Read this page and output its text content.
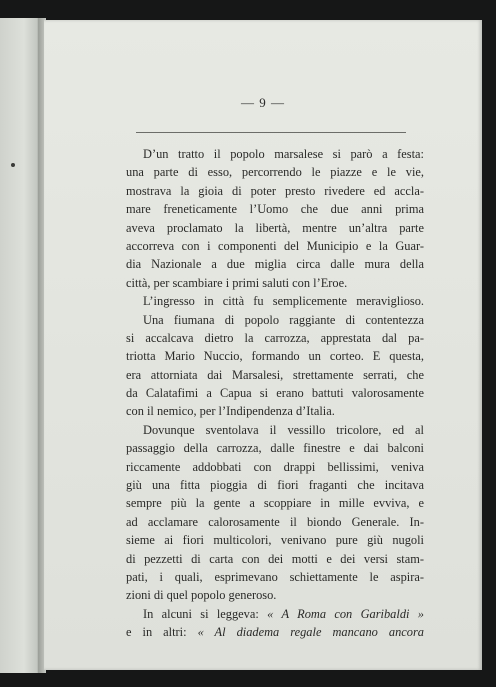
— 9 —

D’un tratto il popolo marsalese si parò a festa:
una parte di esso, percorrendo le piazze e le vie,
mostrava la gioia di poter presto rivedere ed accla-
mare freneticamente l’Uomo che due anni prima
aveva proclamato la libertà, mentre un’altra parte
accorreva con i componenti del Municipio e la Guar-
dia Nazionale a due miglia circa dalle mura della
città, per scambiare i primi saluti con l’Eroe.
L’ingresso in città fu semplicemente meraviglioso.
Una fiumana di popolo raggiante di contentezza
si accalcava dietro la carrozza, apprestata dal pa-
triotta Mario Nuccio, formando un corteo. E questa,
era attorniata dai Marsalesi, strettamente serrati, che
da Calatafimi a Capua si erano battuti valorosamente
con il nemico, per l’Indipendenza d’Italia.
Dovunque sventolava il vessillo tricolore, ed al
passaggio della carrozza, dalle finestre e dai balconi
riccamente addobbati con drappi bellissimi, veniva
giù una fitta pioggia di fiori fraganti che incitava
sempre più la gente a scoppiare in mille evviva, e
ad acclamare calorosamente il biondo Generale. In-
sieme ai fiori multicolori, venivano pure giù nugoli
di pezzetti di carta con dei motti e dei versi stam-
pati, i quali, esprimevano schiettamente le aspira-
zioni di quel popolo generoso.
In alcuni si leggeva: « A Roma con Garibaldi »
e in altri: « Al diadema regale mancano ancora
